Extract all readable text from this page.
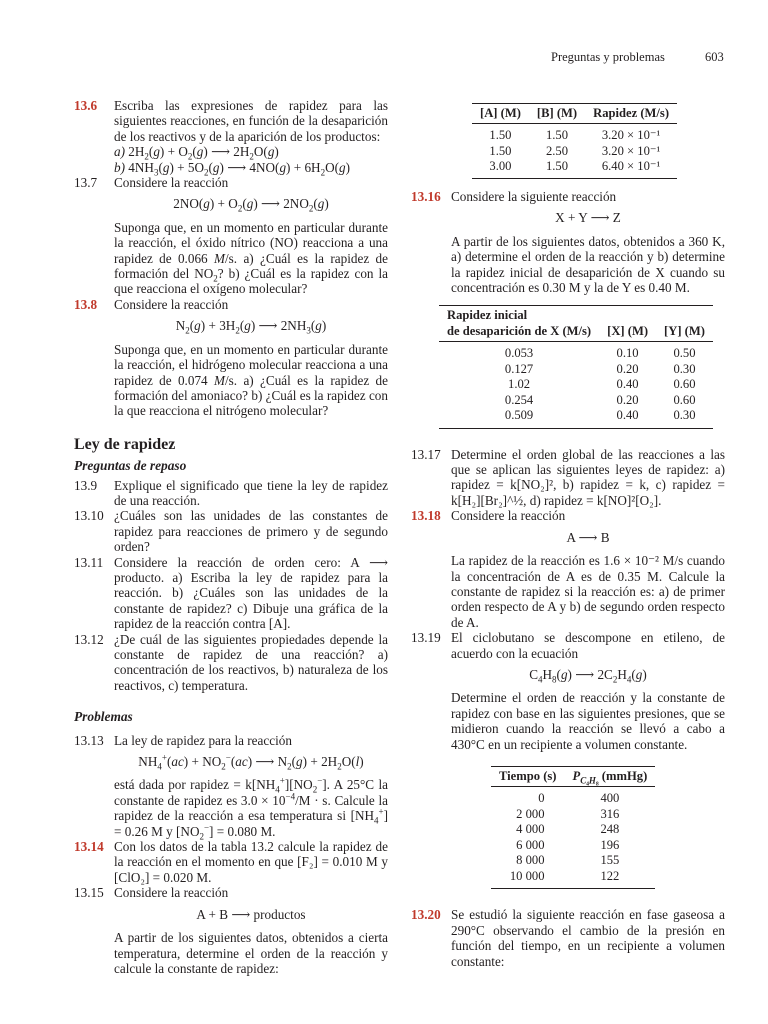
Preguntas y problemas	603
13.6	Escriba las expresiones de rapidez para las siguientes reacciones, en función de la desaparición de los reactivos y de la aparición de los productos:
a) $2H_2(g) + O_2(g)$ ⟶ $2H_2O(g)$
b) $4NH_3(g) + 5O_2(g)$ ⟶ $4NO(g) + 6H_2O(g)$
13.7	Considere la reacción
$2NO(g) + O_2(g)$ ⟶ $2NO_2(g)$
Suponga que, en un momento en particular durante la reacción, el óxido nítrico (NO) reacciona a una rapidez de 0.066 M/s. a) ¿Cuál es la rapidez de formación del $NO_2$? b) ¿Cuál es la rapidez con la que reacciona el oxígeno molecular?
13.8	Considere la reacción
$N_2(g) + 3H_2(g)$ ⟶ $2NH_3(g)$
Suponga que, en un momento en particular durante la reacción, el hidrógeno molecular reacciona a una rapidez de 0.074 M/s. a) ¿Cuál es la rapidez de formación del amoniaco? b) ¿Cuál es la rapidez con la que reacciona el nitrógeno molecular?

Ley de rapidez

Preguntas de repaso

13.9	Explique el significado que tiene la ley de rapidez de una reacción.
13.10 ¿Cuáles son las unidades de las constantes de rapidez para reacciones de primero y de segundo orden?
13.11 Considere la reacción de orden cero: A ⟶ producto. a) Escriba la ley de rapidez para la reacción. b) ¿Cuáles son las unidades de la constante de rapidez? c) Dibuje una gráfica de la rapidez de la reacción contra [A].
13.12 ¿De cuál de las siguientes propiedades depende la constante de rapidez de una reacción? a) concentración de los reactivos, b) naturaleza de los reactivos, c) temperatura.

Problemas

13.13 La ley de rapidez para la reacción
$NH_4^+(ac) + NO_2^-(ac)$ ⟶ $N_2(g) + 2H_2O(l)$
está dada por rapidez = $k[NH_4^+][NO_2^-]$. A 25°C la constante de rapidez es $3.0 \times 10^{-4}/M \cdot s$. Calcule la rapidez de la reacción a esa temperatura si $[NH_4^+] = 0.26$ M y $[NO_2^-] = 0.080$ M.
13.14 Con los datos de la tabla 13.2 calcule la rapidez de la reacción en el momento en que [F₂] = 0.010 M y [ClO₂] = 0.020 M.
13.15 Considere la reacción
A + B ⟶ productos
A partir de los siguientes datos, obtenidos a cierta temperatura, determine el orden de la reacción y calcule la constante de rapidez:
[A] (M)	[B] (M)	Rapidez (M/s)
1.50	1.50	3.20 × 10⁻¹
1.50	2.50	3.20 × 10⁻¹
3.00	1.50	6.40 × 10⁻¹
13.16 Considere la siguiente reacción
X + Y ⟶ Z
A partir de los siguientes datos, obtenidos a 360 K, a) determine el orden de la reacción y b) determine la rapidez inicial de desaparición de X cuando su concentración es 0.30 M y la de Y es 0.40 M.
Rapidez inicial		
de desaparición de X (M/s)	[X] (M)	[Y] (M)
0.053	0.10	0.50
0.127	0.20	0.30
1.02	0.40	0.60
0.254	0.20	0.60
0.509	0.40	0.30
13.17 Determine el orden global de las reacciones a las que se aplican las siguientes leyes de rapidez: a) rapidez = k[NO₂]², b) rapidez = k, c) rapidez = k[H₂][Br₂]^½, d) rapidez = k[NO]²[O₂].
13.18 Considere la reacción
A ⟶ B
La rapidez de la reacción es 1.6 × 10⁻² M/s cuando la concentración de A es de 0.35 M. Calcule la constante de rapidez si la reacción es: a) de primer orden respecto de A y b) de segundo orden respecto de A.
13.19 El ciclobutano se descompone en etileno, de acuerdo con la ecuación
$C_4H_8(g)$ ⟶ $2C_2H_4(g)$
Determine el orden de reacción y la constante de rapidez con base en las siguientes presiones, que se midieron cuando la reacción se llevó a cabo a 430°C en un recipiente a volumen constante.
Tiempo (s)	$P_{C_4H_8}$ (mmHg)
0	400
2 000	316
4 000	248
6 000	196
8 000	155
10 000	122
13.20 Se estudió la siguiente reacción en fase gaseosa a 290°C observando el cambio de la presión en función del tiempo, en un recipiente a volumen constante:
